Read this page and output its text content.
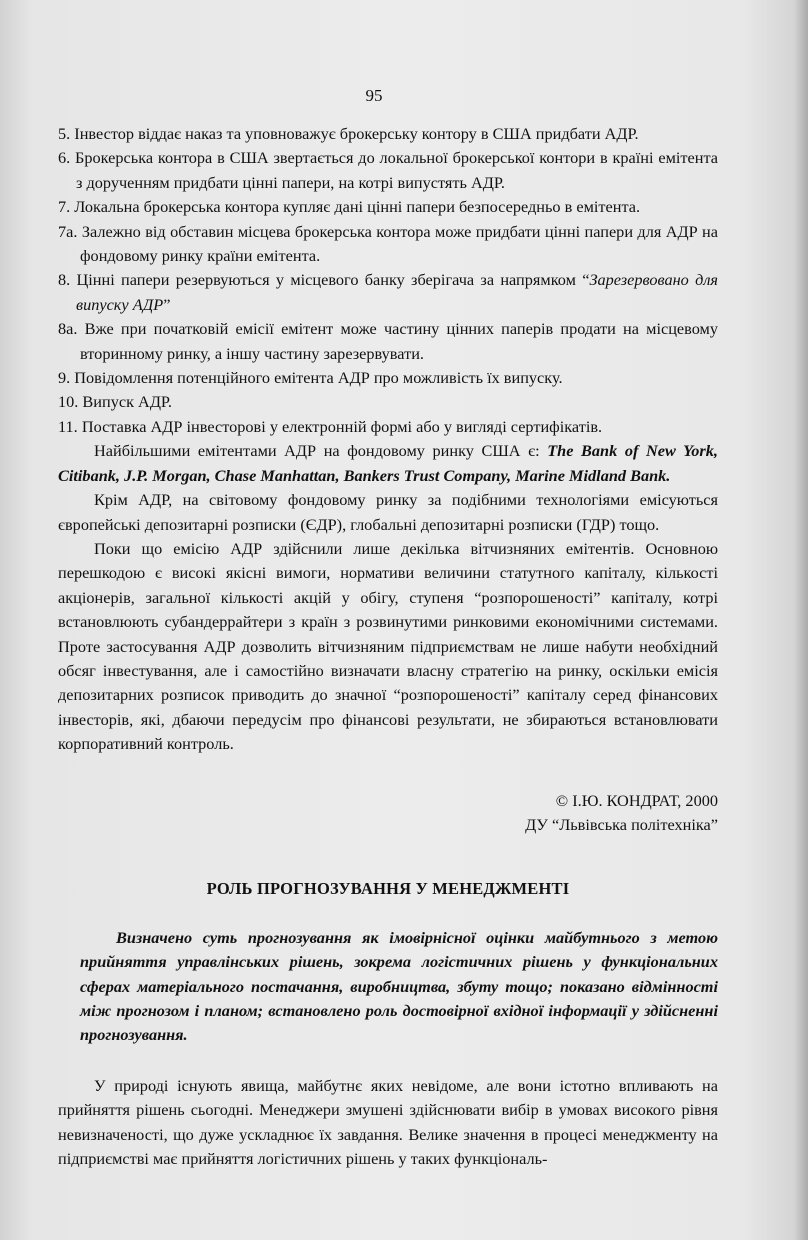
95

5. Інвестор віддає наказ та уповноважує брокерську контору в США придбати АДР.

6. Брокерська контора в США звертається до локальної брокерської контори в країні емітента з дорученням придбати цінні папери, на котрі випустять АДР.

7. Локальна брокерська контора купляє дані цінні папери безпосередньо в емітента.

7а. Залежно від обставин місцева брокерська контора може придбати цінні папери для АДР на фондовому ринку країни емітента.

8. Цінні папери резервуються у місцевого банку зберігача за напрямком “Зарезервовано для випуску АДР”

8а. Вже при початковій емісії емітент може частину цінних паперів продати на місцевому вторинному ринку, а іншу частину зарезервувати.

9. Повідомлення потенційного емітента АДР про можливість їх випуску.

10. Випуск АДР.

11. Поставка АДР інвесторові у електронній формі або у вигляді сертифікатів.

Найбільшими емітентами АДР на фондовому ринку США є: The Bank of New York, Citibank, J.P. Morgan, Chase Manhattan, Bankers Trust Company, Marine Midland Bank.

Крім АДР, на світовому фондовому ринку за подібними технологіями емісуються європейські депозитарні розписки (ЄДР), глобальні депозитарні розписки (ГДР) тощо.

Поки що емісію АДР здійснили лише декілька вітчизняних емітентів. Основною перешкодою є високі якісні вимоги, нормативи величини статутного капіталу, кількості акціонерів, загальної кількості акцій у обігу, ступеня “розпорошеності” капіталу, котрі встановлюють субандеррайтери з країн з розвинутими ринковими економічними системами. Проте застосування АДР дозволить вітчизняним підприємствам не лише набути необхідний обсяг інвестування, але і самостійно визначати власну стратегію на ринку, оскільки емісія депозитарних розписок приводить до значної “розпорошеності” капіталу серед фінансових інвесторів, які, дбаючи передусім про фінансові результати, не збираються встановлювати корпоративний контроль.

© І.Ю. КОНДРАТ, 2000
ДУ “Львівська політехніка”
РОЛЬ ПРОГНОЗУВАННЯ У МЕНЕДЖМЕНТІ

Визначено суть прогнозування як імовірнісної оцінки майбутнього з метою прийняття управлінських рішень, зокрема логістичних рішень у функціональних сферах матеріального постачання, виробництва, збуту тощо; показано відмінності між прогнозом і планом; встановлено роль достовірної вхідної інформації у здійсненні прогнозування.

У природі існують явища, майбутнє яких невідоме, але вони істотно впливають на прийняття рішень сьогодні. Менеджери змушені здійснювати вибір в умовах високого рівня невизначеності, що дуже ускладнює їх завдання. Велике значення в процесі менеджменту на підприємстві має прийняття логістичних рішень у таких функціональ-
